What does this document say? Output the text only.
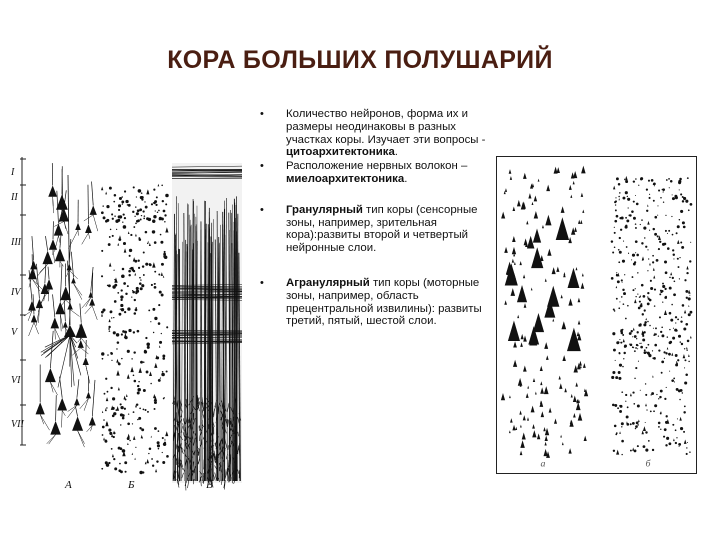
КОРА БОЛЬШИХ ПОЛУШАРИЙ
• Количество нейронов, форма их и размеры неодинаковы в разных участках коры. Изучает эти вопросы - цитоархитектоника.
• Расположение нервных волокон – миелоархитектоника.
• Гранулярный тип коры (сенсорные зоны, например, зрительная кора):развиты второй и четвертый нейронные слои.
• Агранулярный тип коры (моторные зоны, например, область прецентральной извилины): развиты третий, пятый, шестой слои.
I
II
III
IV
V
VI
VII
А	Б	В
а	б
